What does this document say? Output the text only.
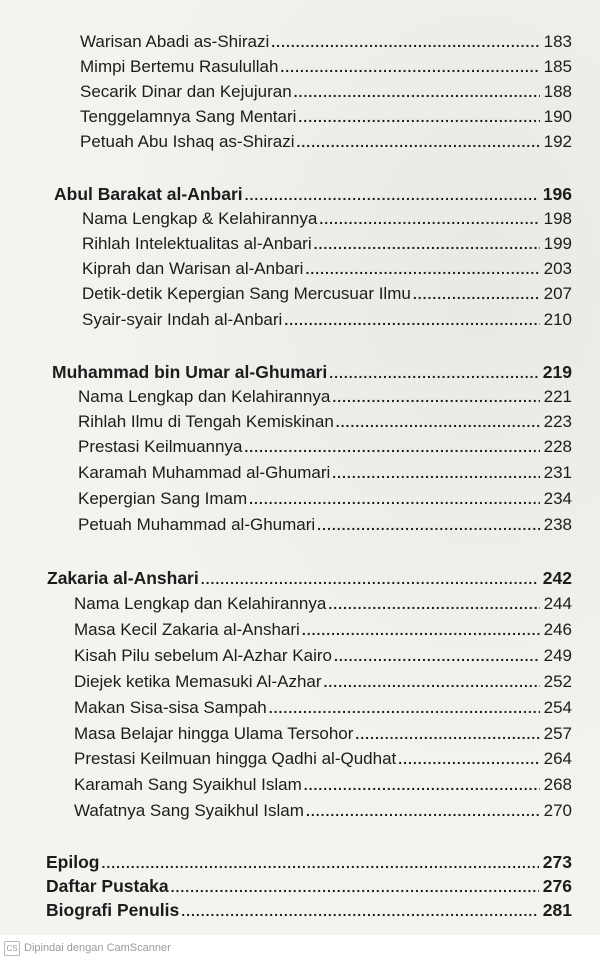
Warisan Abadi as-Shirazi .....	183
Mimpi Bertemu Rasulullah .....	185
Secarik Dinar dan Kejujuran .....	188
Tenggelamnya Sang Mentari .....	190
Petuah Abu Ishaq as-Shirazi .....	192
Abul Barakat al-Anbari .....	196
Nama Lengkap & Kelahirannya .....	198
Rihlah Intelektualitas al-Anbari .....	199
Kiprah dan Warisan al-Anbari .....	203
Detik-detik Kepergian Sang Mercusuar Ilmu .....	207
Syair-syair Indah al-Anbari .....	210
Muhammad bin Umar al-Ghumari .....	219
Nama Lengkap dan Kelahirannya .....	221
Rihlah Ilmu di Tengah Kemiskinan .....	223
Prestasi Keilmuannya .....	228
Karamah Muhammad al-Ghumari .....	231
Kepergian Sang Imam .....	234
Petuah Muhammad al-Ghumari .....	238
Zakaria al-Anshari .....	242
Nama Lengkap dan Kelahirannya .....	244
Masa Kecil Zakaria al-Anshari .....	246
Kisah Pilu sebelum Al-Azhar Kairo .....	249
Diejek ketika Memasuki Al-Azhar .....	252
Makan Sisa-sisa Sampah .....	254
Masa Belajar hingga Ulama Tersohor .....	257
Prestasi Keilmuan hingga Qadhi al-Qudhat .....	264
Karamah Sang Syaikhul Islam .....	268
Wafatnya Sang Syaikhul Islam .....	270
Epilog .....	273
Daftar Pustaka .....	276
Biografi Penulis .....	281
CS Dipindai dengan CamScanner
